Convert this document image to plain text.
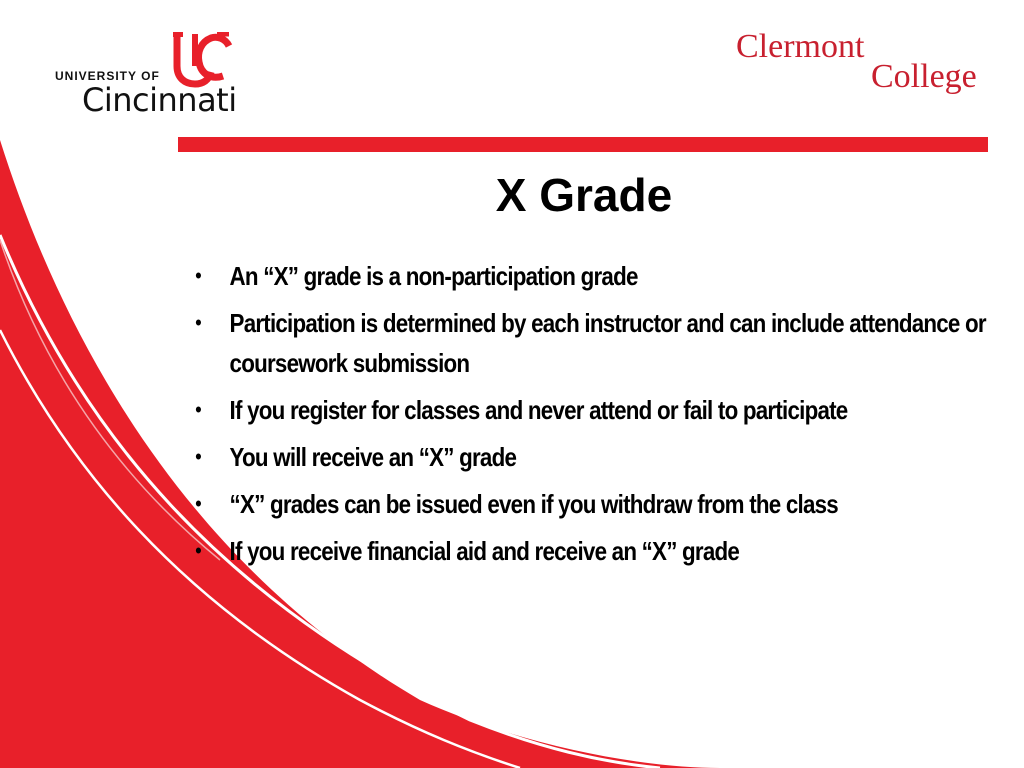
UNIVERSITY OF
Cincinnati
Clermont
College
X Grade
• An “X” grade is a non-participation grade
• Participation is determined by each instructor and can include attendance or coursework submission
• If you register for classes and never attend or fail to participate
• You will receive an “X” grade
• “X” grades can be issued even if you withdraw from the class
• If you receive financial aid and receive an “X” grade
